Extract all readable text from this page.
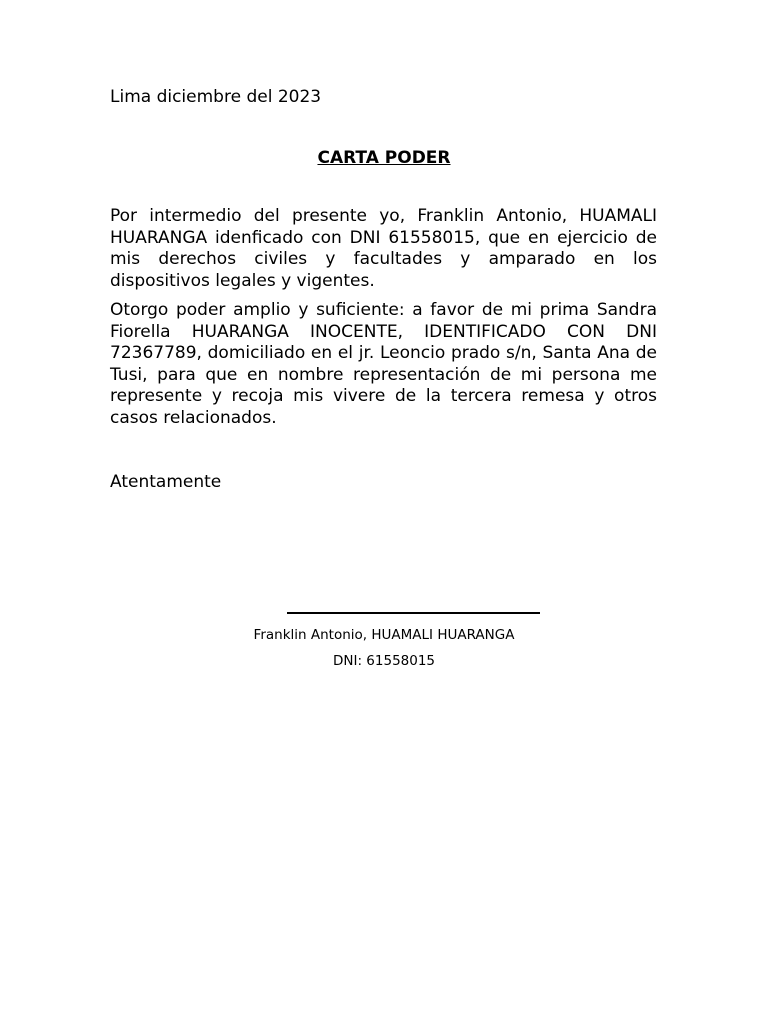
Lima diciembre del 2023
CARTA PODER

Por intermedio del presente yo, Franklin Antonio, HUAMALI HUARANGA idenficado con DNI 61558015, que en ejercicio de mis derechos civiles y facultades y amparado en los dispositivos legales y vigentes.

Otorgo poder amplio y suficiente: a favor de mi prima Sandra Fiorella HUARANGA INOCENTE, IDENTIFICADO CON DNI 72367789, domiciliado en el jr. Leoncio prado s/n, Santa Ana de Tusi, para que en nombre representación de mi persona me represente y recoja mis vivere de la tercera remesa y otros casos relacionados.

Atentamente
Franklin Antonio, HUAMALI HUARANGA
DNI: 61558015
